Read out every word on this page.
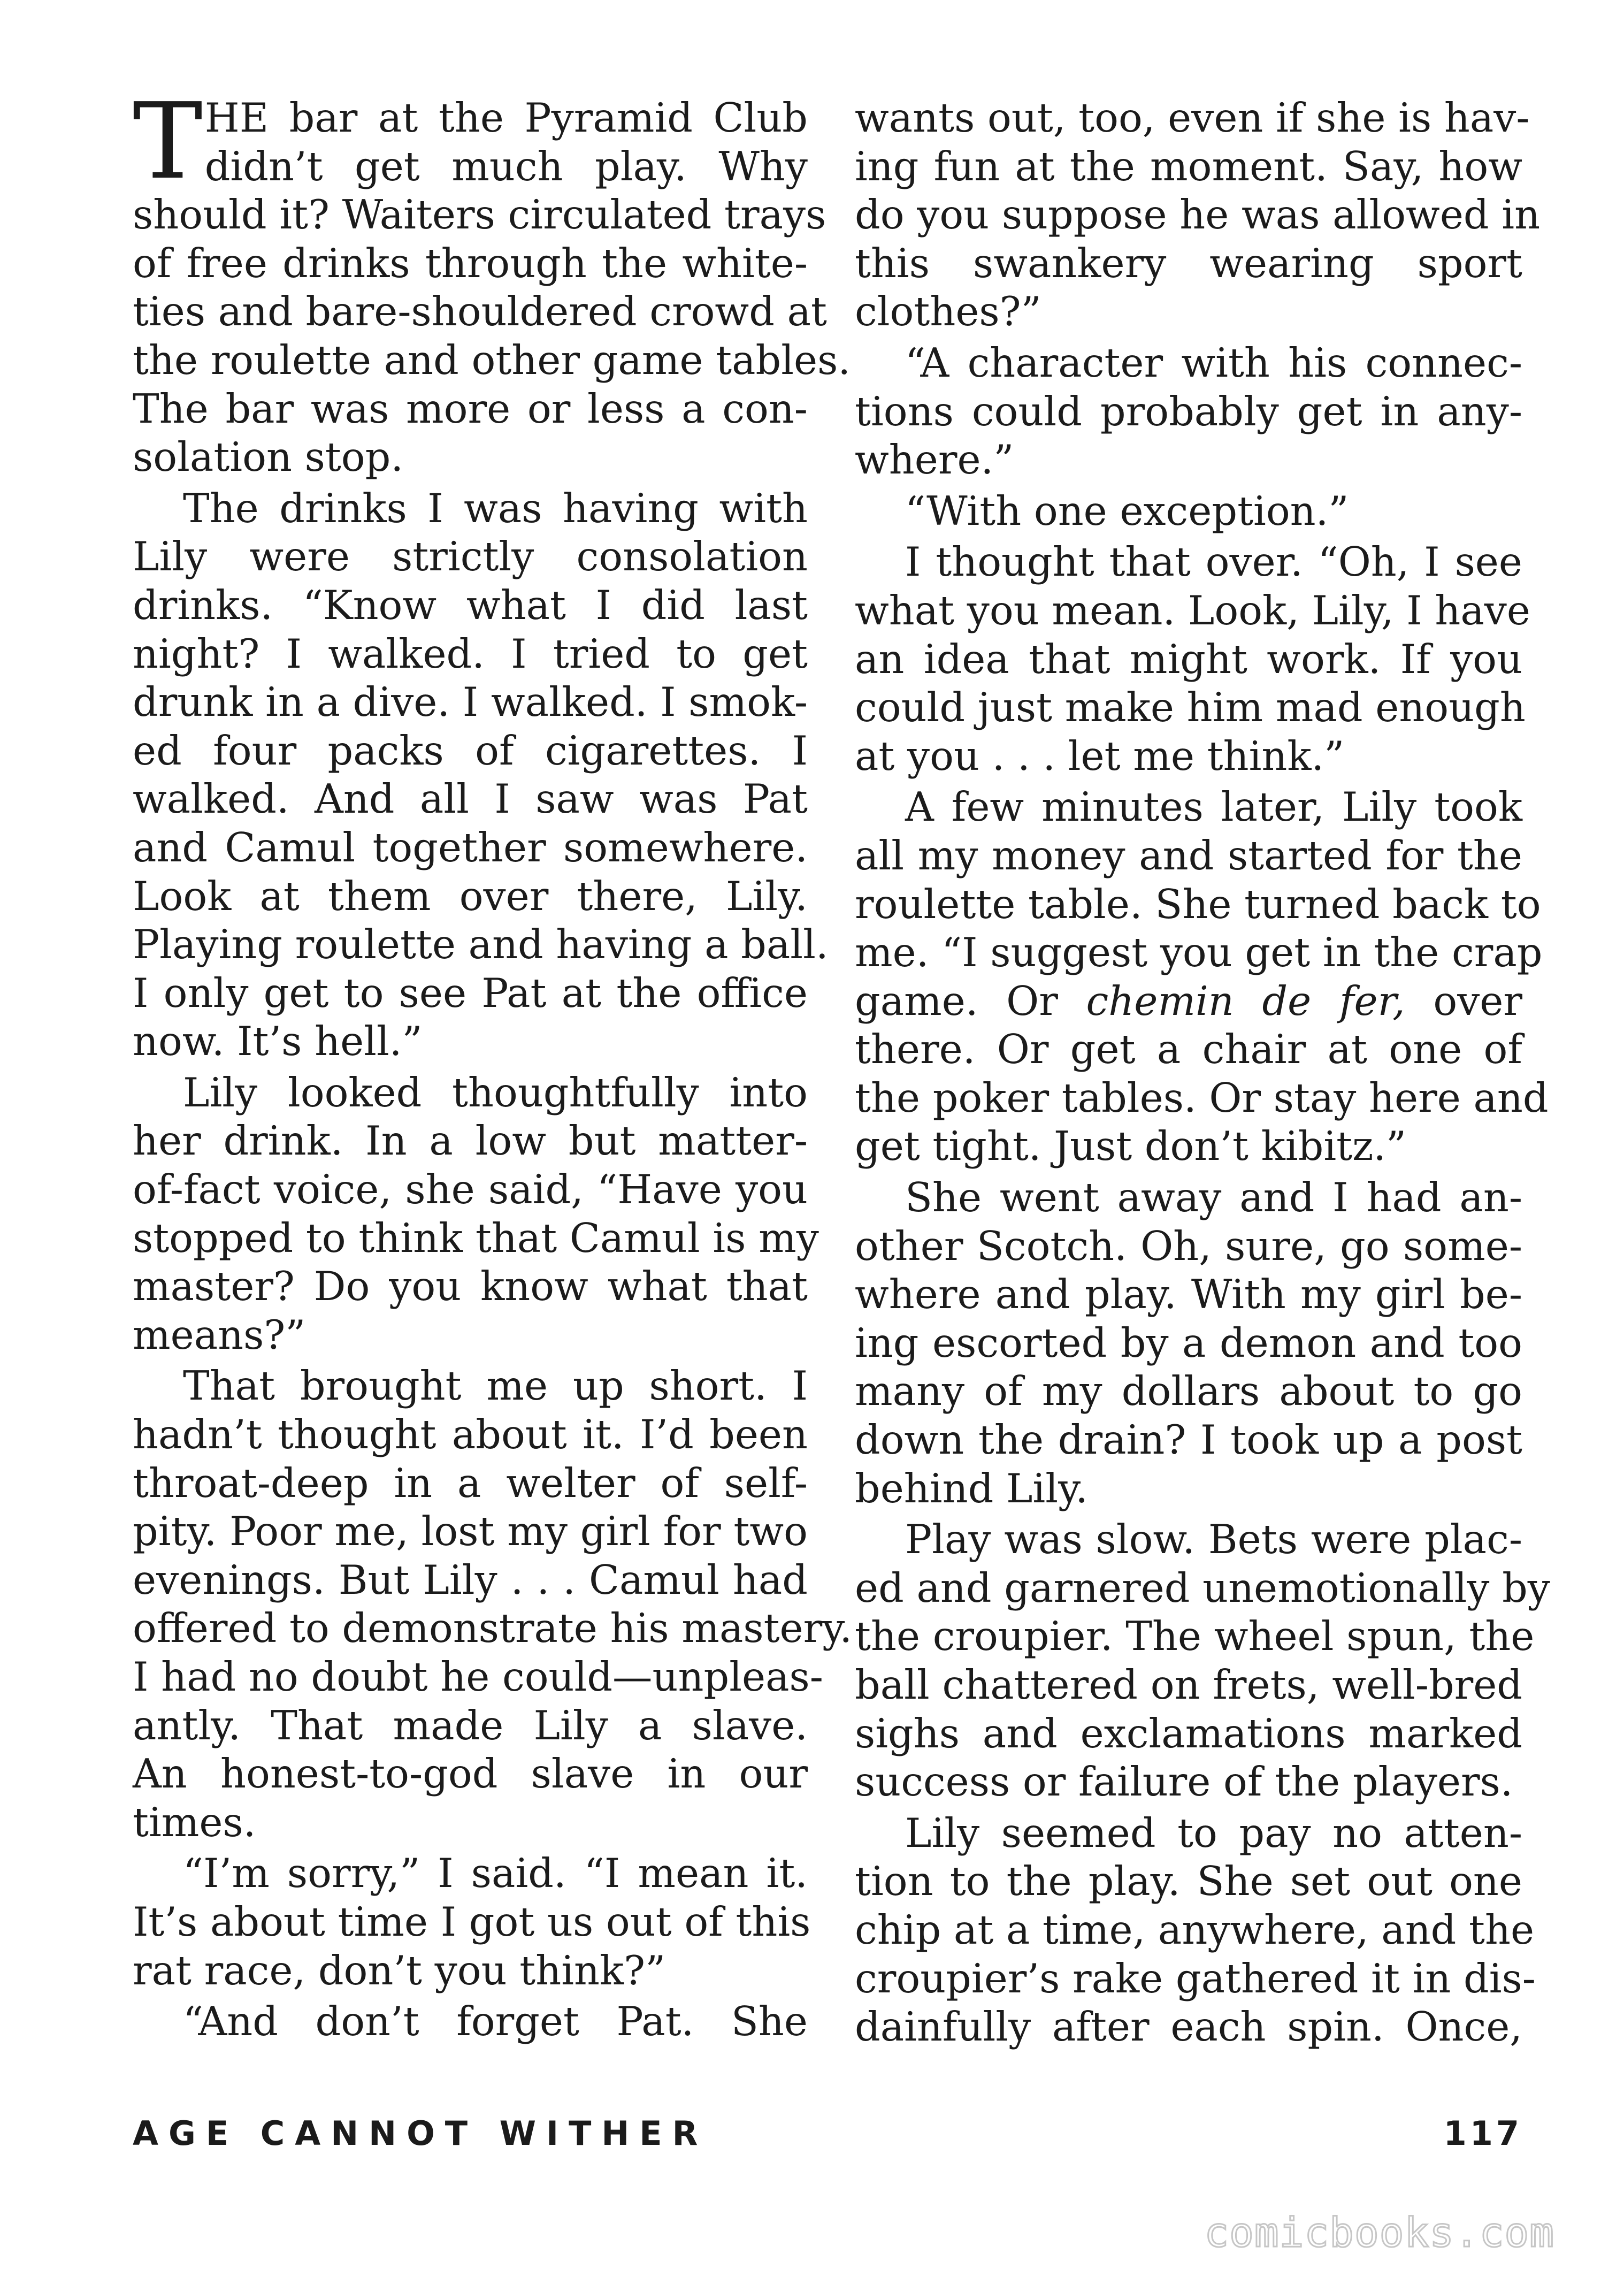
T HE bar at the Pyramid Club
didn’t get much play. Why
should it? Waiters circulated trays
of free drinks through the white-
ties and bare-shouldered crowd at
the roulette and other game tables.
The bar was more or less a con-
solation stop.
The drinks I was having with
Lily were strictly consolation
drinks. “Know what I did last
night? I walked. I tried to get
drunk in a dive. I walked. I smok-
ed four packs of cigarettes. I
walked. And all I saw was Pat
and Camul together somewhere.
Look at them over there, Lily.
Playing roulette and having a ball.
I only get to see Pat at the office
now. It’s hell.”
Lily looked thoughtfully into
her drink. In a low but matter-
of-fact voice, she said, “Have you
stopped to think that Camul is my
master? Do you know what that
means?”
That brought me up short. I
hadn’t thought about it. I’d been
throat-deep in a welter of self-
pity. Poor me, lost my girl for two
evenings. But Lily . . . Camul had
offered to demonstrate his mastery.
I had no doubt he could—unpleas-
antly. That made Lily a slave.
An honest-to-god slave in our
times.
“I’m sorry,” I said. “I mean it.
It’s about time I got us out of this
rat race, don’t you think?”
“And don’t forget Pat. She
wants out, too, even if she is hav-
ing fun at the moment. Say, how
do you suppose he was allowed in
this swankery wearing sport
clothes?”
“A character with his connec-
tions could probably get in any-
where.”
“With one exception.”
I thought that over. “Oh, I see
what you mean. Look, Lily, I have
an idea that might work. If you
could just make him mad enough
at you . . . let me think.”
A few minutes later, Lily took
all my money and started for the
roulette table. She turned back to
me. “I suggest you get in the crap
game. Or chemin de fer, over
there. Or get a chair at one of
the poker tables. Or stay here and
get tight. Just don’t kibitz.”
She went away and I had an-
other Scotch. Oh, sure, go some-
where and play. With my girl be-
ing escorted by a demon and too
many of my dollars about to go
down the drain? I took up a post
behind Lily.
Play was slow. Bets were plac-
ed and garnered unemotionally by
the croupier. The wheel spun, the
ball chattered on frets, well-bred
sighs and exclamations marked
success or failure of the players.
Lily seemed to pay no atten-
tion to the play. She set out one
chip at a time, anywhere, and the
croupier’s rake gathered it in dis-
dainfully after each spin. Once,
AGE CANNOT WITHER	117
comicbooks.com
